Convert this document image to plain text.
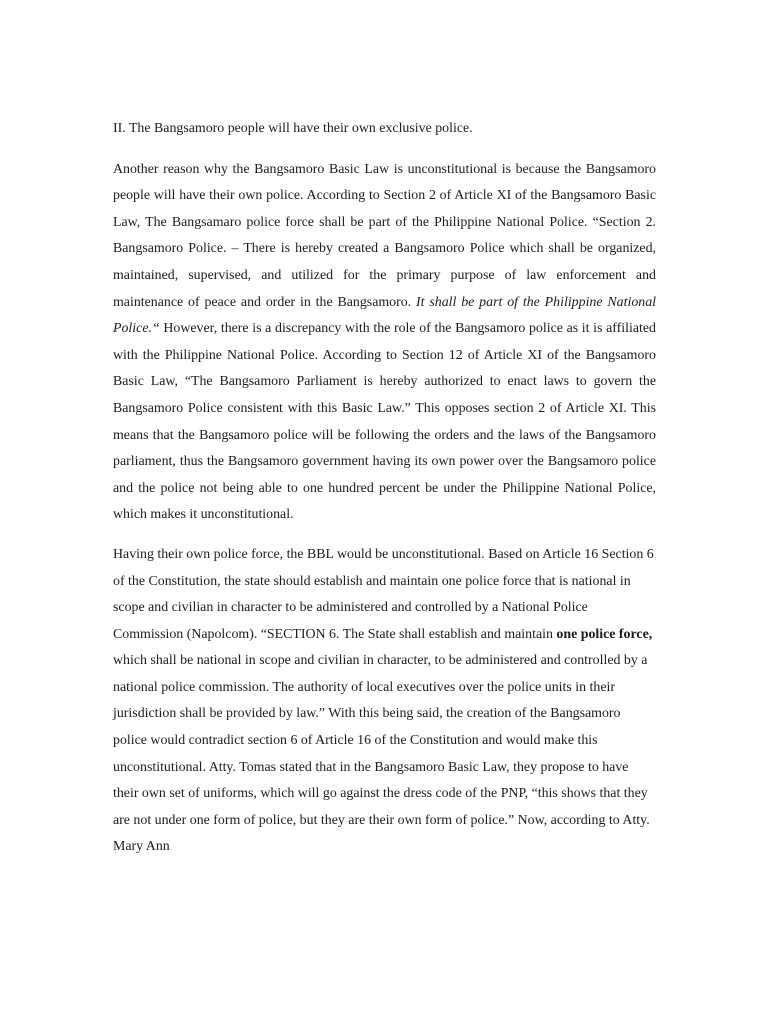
II. The Bangsamoro people will have their own exclusive police.

Another reason why the Bangsamoro Basic Law is unconstitutional is because the Bangsamoro people will have their own police. According to Section 2 of Article XI of the Bangsamoro Basic Law, The Bangsamaro police force shall be part of the Philippine National Police. “Section 2. Bangsamoro Police. – There is hereby created a Bangsamoro Police which shall be organized, maintained, supervised, and utilized for the primary purpose of law enforcement and maintenance of peace and order in the Bangsamoro. It shall be part of the Philippine National Police.“ However, there is a discrepancy with the role of the Bangsamoro police as it is affiliated with the Philippine National Police. According to Section 12 of Article XI of the Bangsamoro Basic Law, “The Bangsamoro Parliament is hereby authorized to enact laws to govern the Bangsamoro Police consistent with this Basic Law.” This opposes section 2 of Article XI. This means that the Bangsamoro police will be following the orders and the laws of the Bangsamoro parliament, thus the Bangsamoro government having its own power over the Bangsamoro police and the police not being able to one hundred percent be under the Philippine National Police, which makes it unconstitutional.

Having their own police force, the BBL would be unconstitutional. Based on Article 16 Section 6 of the Constitution, the state should establish and maintain one police force that is national in scope and civilian in character to be administered and controlled by a National Police Commission (Napolcom). “SECTION 6. The State shall establish and maintain one police force, which shall be national in scope and civilian in character, to be administered and controlled by a national police commission. The authority of local executives over the police units in their jurisdiction shall be provided by law.” With this being said, the creation of the Bangsamoro police would contradict section 6 of Article 16 of the Constitution and would make this unconstitutional. Atty. Tomas stated that in the Bangsamoro Basic Law, they propose to have their own set of uniforms, which will go against the dress code of the PNP, “this shows that they are not under one form of police, but they are their own form of police.” Now, according to Atty. Mary Ann
